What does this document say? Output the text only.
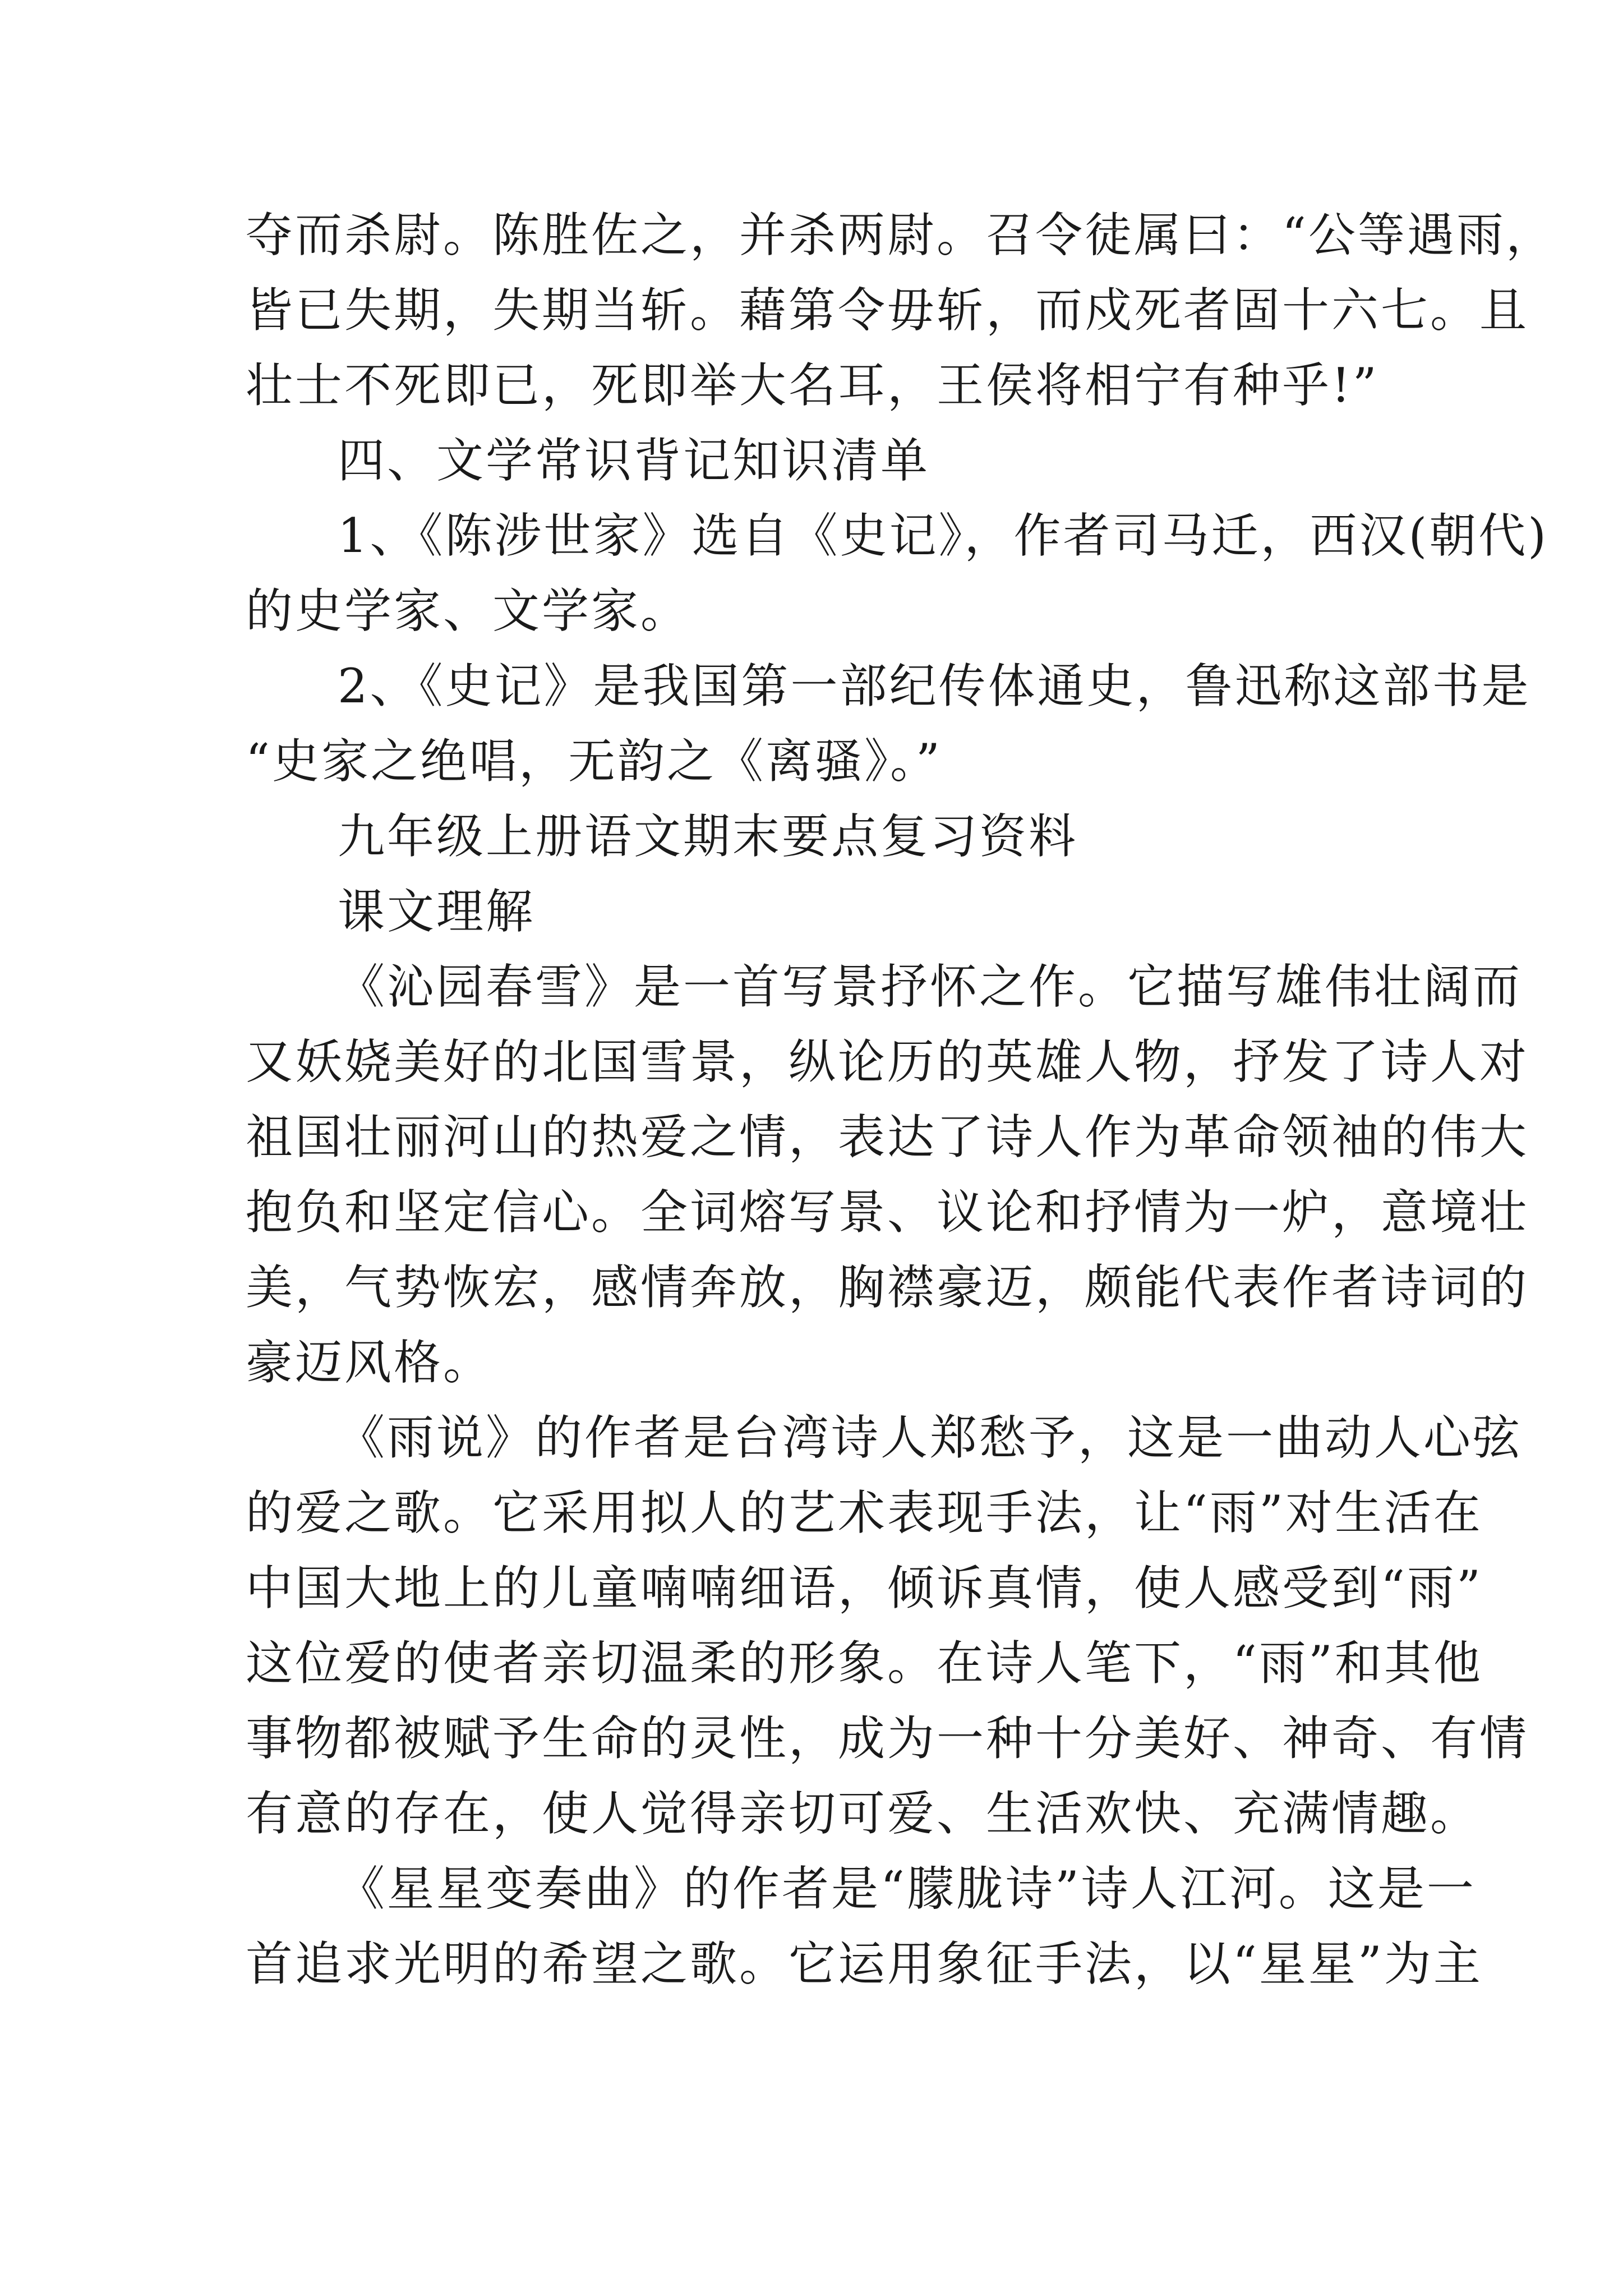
夺而杀尉。陈胜佐之，并杀两尉。召令徒属曰：“公等遇雨，
皆已失期，失期当斩。藉第令毋斩，而戍死者固十六七。且
壮士不死即已，死即举大名耳，王侯将相宁有种乎!”
四、文学常识背记知识清单
1、《陈涉世家》选自《史记》，作者司马迁，西汉(朝代)
的史学家、文学家。
2、《史记》是我国第一部纪传体通史，鲁迅称这部书是
“史家之绝唱，无韵之《离骚》。”
九年级上册语文期末要点复习资料
课文理解
《沁园春雪》是一首写景抒怀之作。它描写雄伟壮阔而
又妖娆美好的北国雪景，纵论历的英雄人物，抒发了诗人对
祖国壮丽河山的热爱之情，表达了诗人作为革命领袖的伟大
抱负和坚定信心。全词熔写景、议论和抒情为一炉，意境壮
美，气势恢宏，感情奔放，胸襟豪迈，颇能代表作者诗词的
豪迈风格。
《雨说》的作者是台湾诗人郑愁予，这是一曲动人心弦
的爱之歌。它采用拟人的艺术表现手法，让“雨”对生活在
中国大地上的儿童喃喃细语，倾诉真情，使人感受到“雨”
这位爱的使者亲切温柔的形象。在诗人笔下，“雨”和其他
事物都被赋予生命的灵性，成为一种十分美好、神奇、有情
有意的存在，使人觉得亲切可爱、生活欢快、充满情趣。
《星星变奏曲》的作者是“朦胧诗”诗人江河。这是一
首追求光明的希望之歌。它运用象征手法，以“星星”为主
